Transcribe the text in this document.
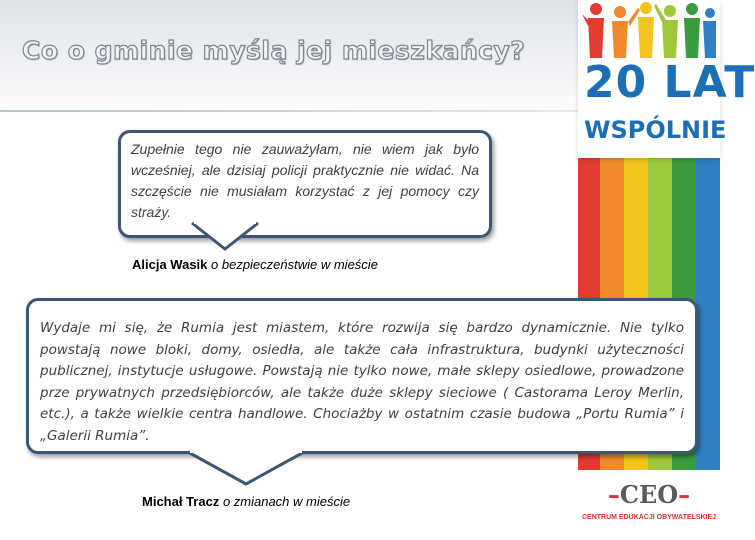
Co o gminie myślą jej mieszkańcy?
20 LAT
WSPÓLNIE
Zupełnie tego nie zauważyłam, nie wiem jak było wcześniej, ale dzisiaj policji praktycznie nie widać. Na szczęście nie musiałam korzystać z jej pomocy czy straży.
Alicja Wasik o bezpieczeństwie w mieście
Wydaje mi się, że Rumia jest miastem, które rozwija się bardzo dynamicznie. Nie tylko powstają nowe bloki, domy, osiedła, ale także cała infrastruktura, budynki użyteczności publicznej, instytucje usługowe. Powstają nie tylko nowe, małe sklepy osiedlowe, prowadzone prze prywatnych przedsiębiorców, ale także duże sklepy sieciowe ( Castorama Leroy Merlin, etc.), a także wielkie centra handlowe. Chociażby w ostatnim czasie budowa „Portu Rumia” i „Galerii Rumia”.
Michał Tracz o zmianach w mieście	–CEO–
CENTRUM EDUKACJI OBYWATELSKIEJ
